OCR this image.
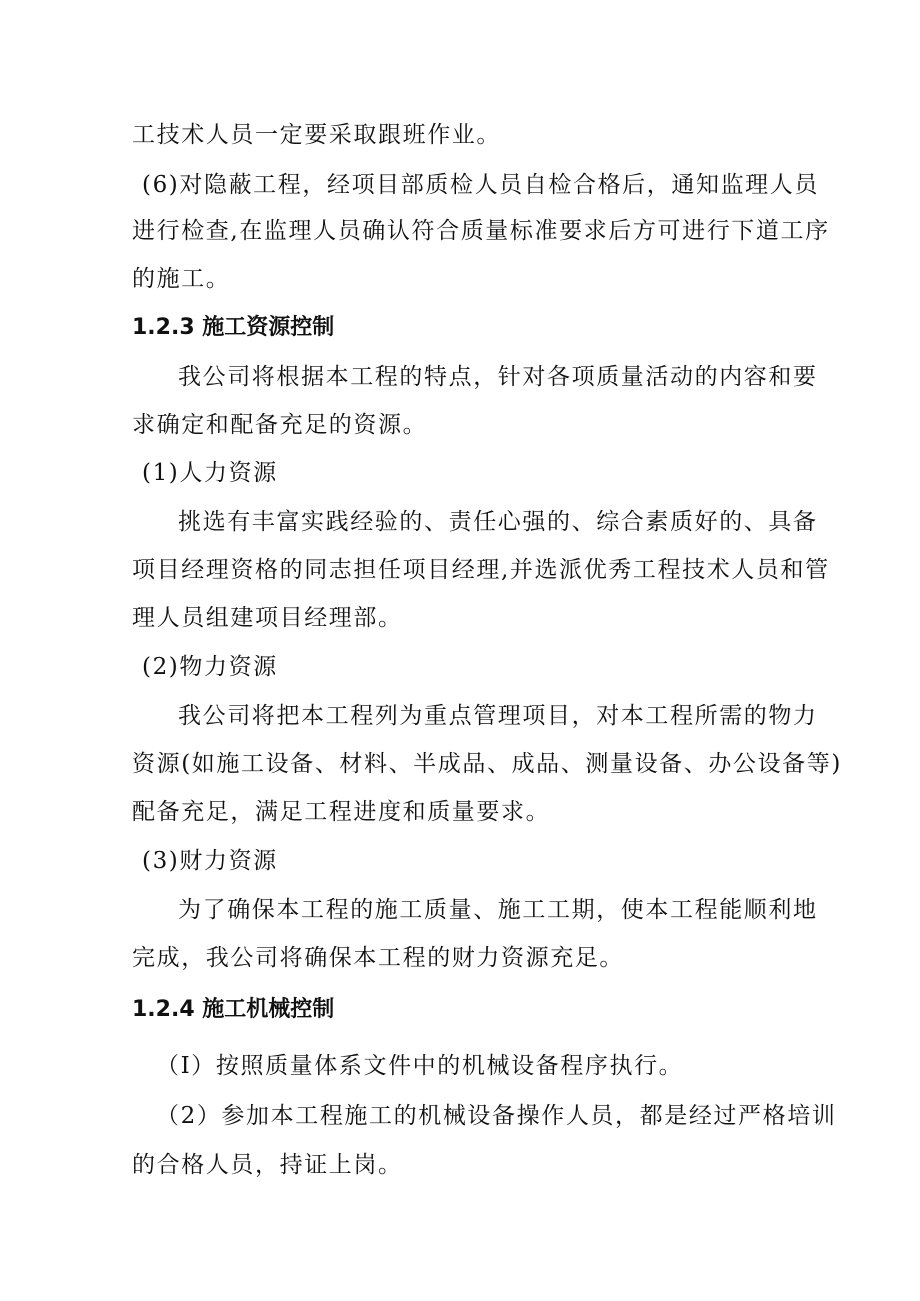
工技术人员一定要采取跟班作业。
(6)对隐蔽工程，经项目部质检人员自检合格后，通知监理人员
进行检查,在监理人员确认符合质量标准要求后方可进行下道工序
的施工。
1.2.3 施工资源控制
我公司将根据本工程的特点，针对各项质量活动的内容和要
求确定和配备充足的资源。
(1)人力资源
挑选有丰富实践经验的、责任心强的、综合素质好的、具备
项目经理资格的同志担任项目经理,并选派优秀工程技术人员和管
理人员组建项目经理部。
(2)物力资源
我公司将把本工程列为重点管理项目，对本工程所需的物力
资源(如施工设备、材料、半成品、成品、测量设备、办公设备等)
配备充足，满足工程进度和质量要求。
(3)财力资源
为了确保本工程的施工质量、施工工期，使本工程能顺利地
完成，我公司将确保本工程的财力资源充足。
1.2.4 施工机械控制
（I）按照质量体系文件中的机械设备程序执行。
（2）参加本工程施工的机械设备操作人员，都是经过严格培训
的合格人员，持证上岗。
